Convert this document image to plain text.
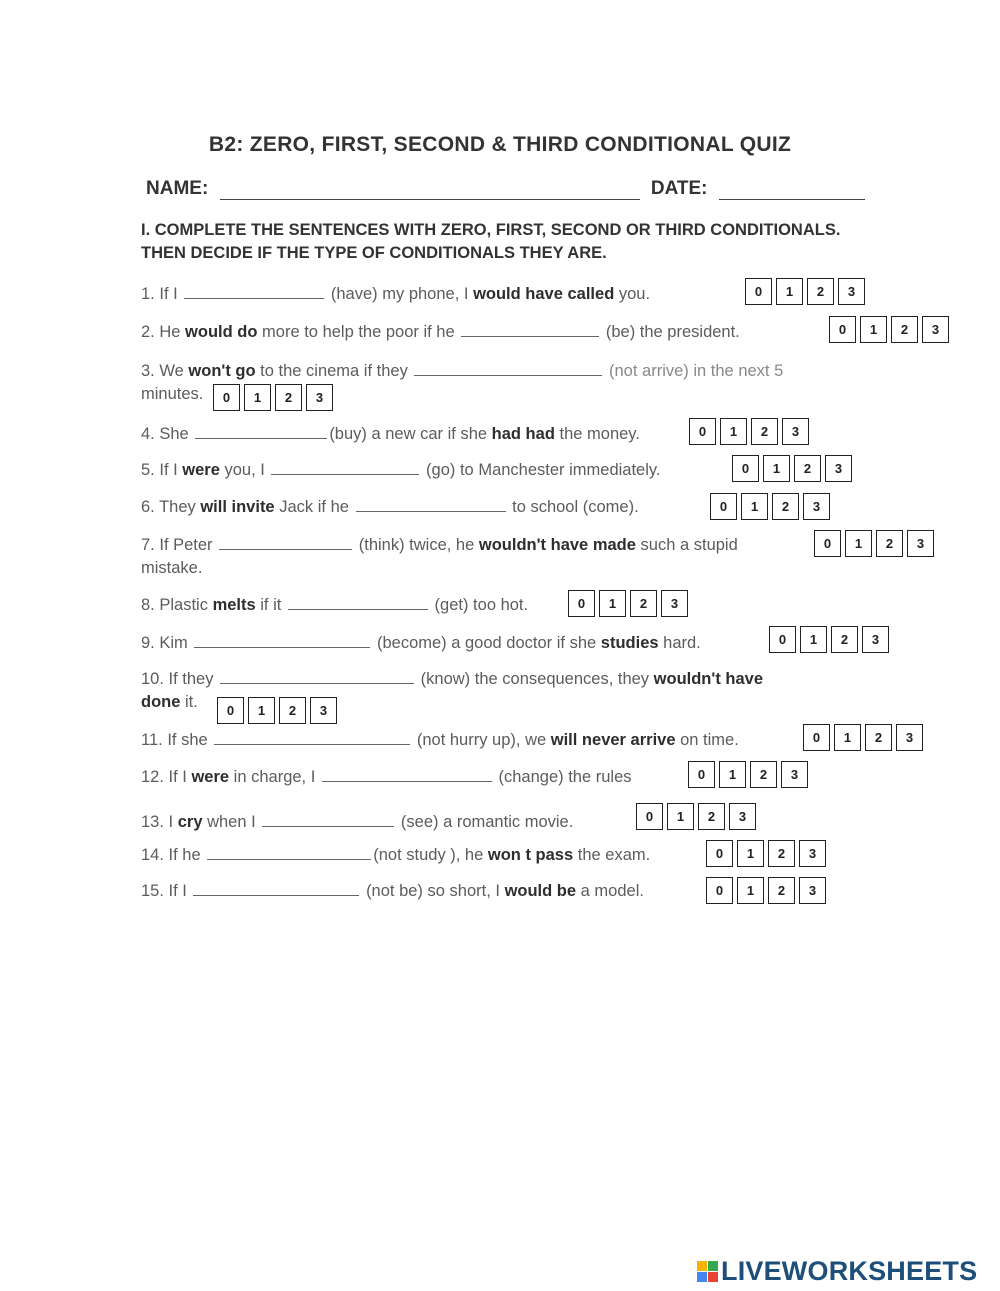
B2: ZERO, FIRST, SECOND & THIRD CONDITIONAL QUIZ
NAME:	DATE:
I. COMPLETE THE SENTENCES WITH ZERO, FIRST, SECOND OR THIRD CONDITIONALS. THEN DECIDE IF THE TYPE OF CONDITIONALS THEY ARE.
1. If I	(have) my phone, I would have called you.	0	1	2	3
2. He would do more to help the poor if he	(be) the president.	0	1	2	3
3. We won't go to the cinema if they	(not arrive) in the next 5
minutes.	0	1	2	3
4. She	(buy) a new car if she had had the money.	0	1	2	3
5. If I were you, I	(go) to Manchester immediately.	0	1	2	3
6. They will invite Jack if he	to school (come).	0	1	2	3
7. If Peter	(think) twice, he wouldn't have made such a stupid
mistake.
0	1	2	3
8. Plastic melts if it	(get) too hot.	0	1	2	3
9. Kim	(become) a good doctor if she studies hard.	0	1	2	3
10. If they	(know) the consequences, they wouldn't have
done it.	0	1	2	3
11. If she	(not hurry up), we will never arrive on time.	0	1	2	3
12. If I were in charge, I	(change) the rules	0	1	2	3
13. I cry when I	(see) a romantic movie.	0	1	2	3
14. If he	(not study ), he won t pass the exam.	0	1	2	3
15. If I	(not be) so short, I would be a model.	0	1	2	3
LIVEWORKSHEETS
